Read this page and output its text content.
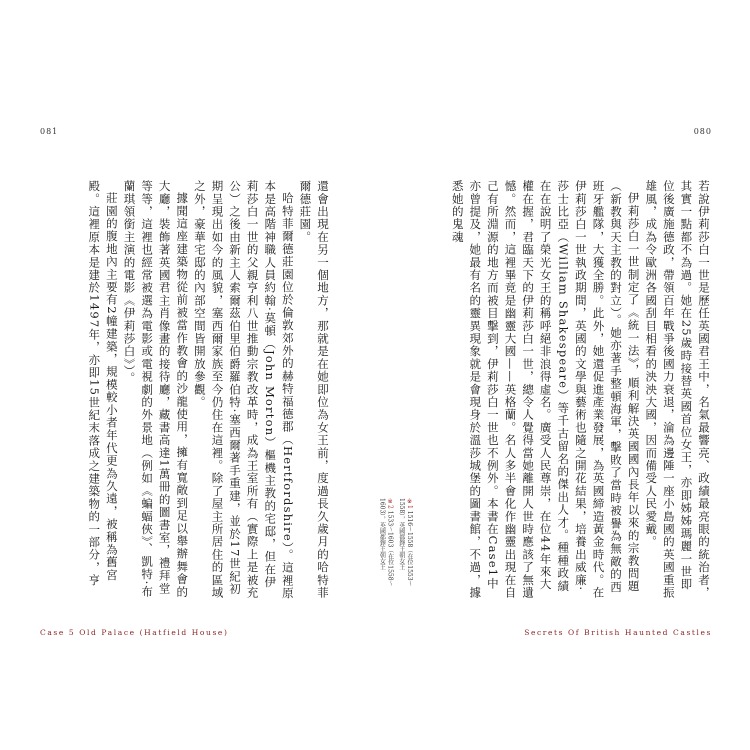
081	080

若說伊莉莎白一世是歷任英國君王中，名氣最響亮、政績最亮眼的統治者，其實一點都不為過。她在25歲時接替英國首位女王，亦即姊姊瑪麗一世即位後廣施德政，帶領百年戰爭後國力衰退，淪為邊陲一座小島國的英國重振雄風，成為令歐洲各國刮目相看的泱泱大國，因而備受人民愛戴。

伊莉莎白一世制定了《統一法》，順利解決英國國內長年以來的宗教問題（新教與天主教的對立）。她亦著手整頓海軍，擊敗了當時被譽為無敵的西班牙艦隊，大獲全勝。此外，她還促進產業發展，為英國締造黃金時代。在伊莉莎白一世執政期間，英國的文學與藝術也隨之開花結果，培養出威廉·莎士比亞（William Shakespeare）等千古留名的傑出人才。種種政績在在說明了榮光女王的稱呼絕非浪得虛名。廣受人民尊崇，在位44年來大權在握，君臨天下的伊莉莎白一世，總令人覺得當她離開人世時應該了無遺憾。然而，這裡畢竟是幽靈大國——英格蘭。名人多半會化作幽靈出現在自己有所淵源的地方而被目擊到，伊莉莎白一世也不例外。本書在Case1中亦曾提及，她最有名的靈異現象就是會現身於溫莎城堡的圖書館，不過，據悉她的鬼魂

※1 1516～1558（在位1553～1558），英國都鐸王朝女王
※2 1533～1603（在位1558～1603），英國都鐸王朝女王

還會出現在另一個地方，那就是在她即位為女王前，度過長久歲月的哈特菲爾德莊園。

哈特菲爾德莊園位於倫敦郊外的赫特福德郡（Hertfordshire）。這裡原本是高階神職人員約翰·莫頓（John Morton）樞機主教的宅邸，但在伊莉莎白一世的父親亨利八世推動宗教改革時，成為王室所有（實際上是被充公）之後由新主人索爾茲伯里伯爵羅伯特·塞西爾著手重建，並於17世紀初期呈現出如今的風貌，塞西爾家族至今仍住在這裡。除了屋主所居住的區域之外，豪華宅邸的內部空間皆開放參觀。

據聞這座建築物從前被當作教會的沙龍使用，擁有寬敞到足以舉辦舞會的大廳，裝飾著英國君主肖像畫的接待廳，藏書高達1萬冊的圖書室，禮拜堂等等，這裡也經常被選為電影或電視劇的外景地（例如《蝙蝠俠》、凱特·布蘭琪領銜主演的電影《伊莉莎白》）。

莊園的腹地內主要有2幢建築，規模較小者年代更為久遠，被稱為舊宮殿。這裡原本是建於1497年，亦即15世紀末落成之建築物的一部分，亨

Case 5 Old Palace (Hatfield House)	Secrets Of British Haunted Castles
